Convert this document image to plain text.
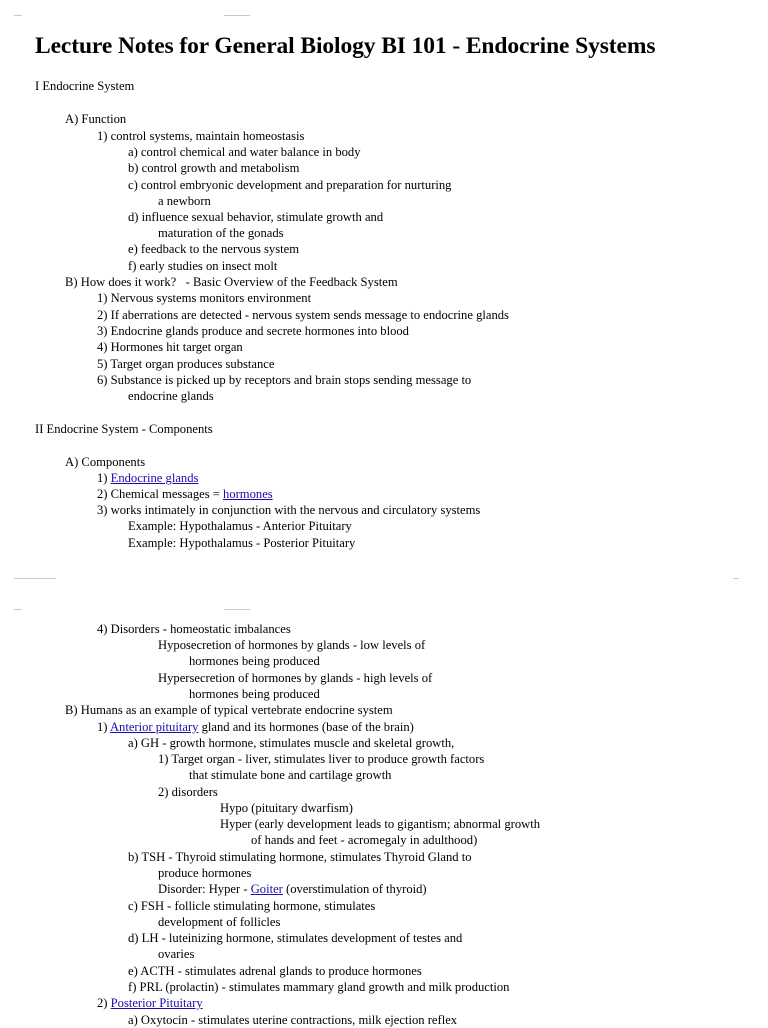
Lecture Notes for General Biology BI 101 - Endocrine Systems
I Endocrine System
A) Function
1) control systems, maintain homeostasis
a) control chemical and water balance in body
b) control growth and metabolism
c) control embryonic development and preparation for nurturing
a newborn
d) influence sexual behavior, stimulate growth and
maturation of the gonads
e) feedback to the nervous system
f) early studies on insect molt
B) How does it work?   - Basic Overview of the Feedback System
1) Nervous systems monitors environment
2) If aberrations are detected - nervous system sends message to endocrine glands
3) Endocrine glands produce and secrete hormones into blood
4) Hormones hit target organ
5) Target organ produces substance
6) Substance is picked up by receptors and brain stops sending message to
endocrine glands
II Endocrine System - Components
A) Components
1) Endocrine glands
2) Chemical messages = hormones
3) works intimately in conjunction with the nervous and circulatory systems
Example: Hypothalamus - Anterior Pituitary
Example: Hypothalamus - Posterior Pituitary
4) Disorders - homeostatic imbalances
Hyposecretion of hormones by glands - low levels of
hormones being produced
Hypersecretion of hormones by glands - high levels of
hormones being produced
B) Humans as an example of typical vertebrate endocrine system
1) Anterior pituitary gland and its hormones (base of the brain)
a) GH - growth hormone, stimulates muscle and skeletal growth,
1) Target organ - liver, stimulates liver to produce growth factors
that stimulate bone and cartilage growth
2) disorders
Hypo (pituitary dwarfism)
Hyper (early development leads to gigantism; abnormal growth
of hands and feet - acromegaly in adulthood)
b) TSH - Thyroid stimulating hormone, stimulates Thyroid Gland to
produce hormones
Disorder: Hyper - Goiter (overstimulation of thyroid)
c) FSH - follicle stimulating hormone, stimulates
development of follicles
d) LH - luteinizing hormone, stimulates development of testes and
ovaries
e) ACTH - stimulates adrenal glands to produce hormones
f) PRL (prolactin) - stimulates mammary gland growth and milk production
2) Posterior Pituitary
a) Oxytocin - stimulates uterine contractions, milk ejection reflex
